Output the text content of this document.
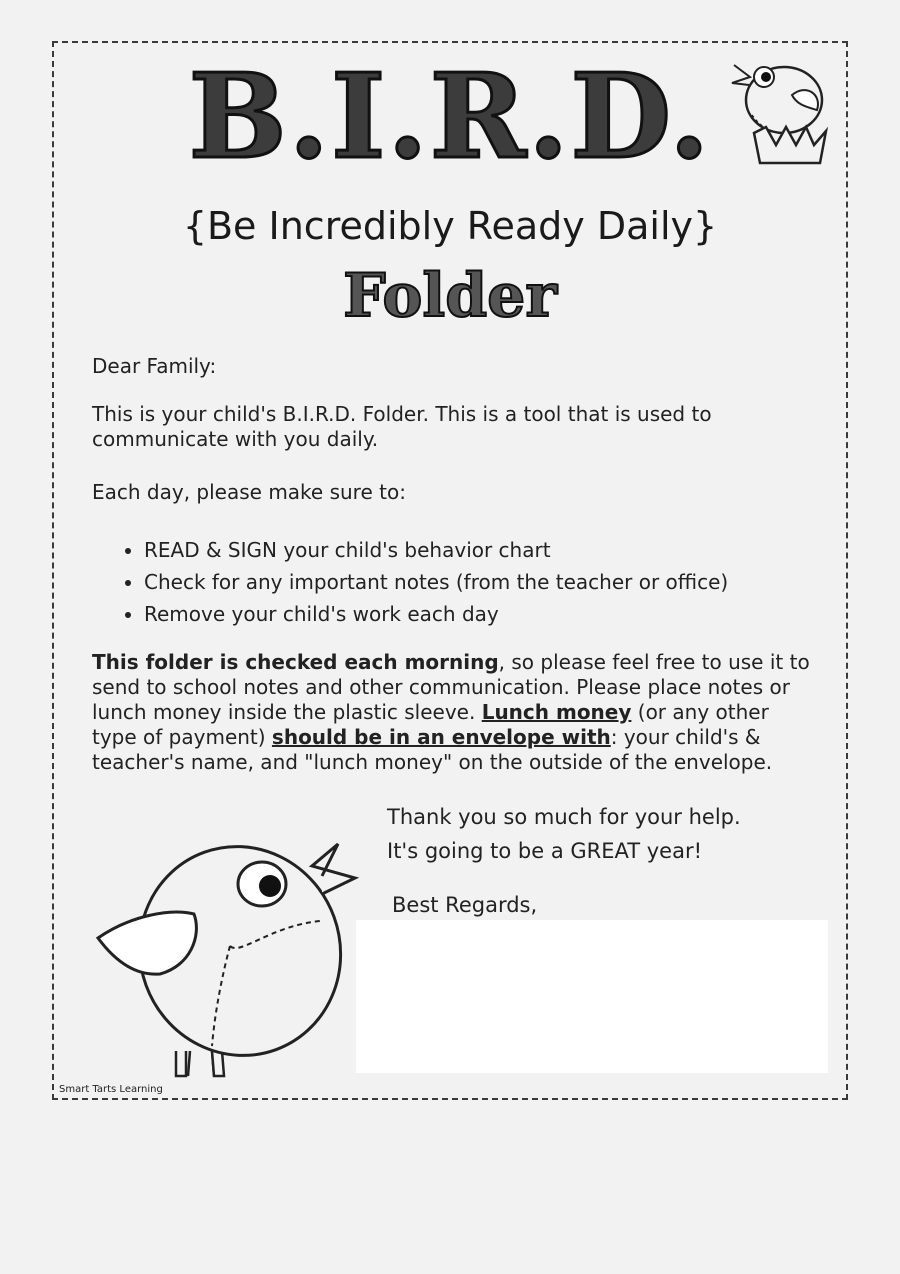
B.I.R.D.
{Be Incredibly Ready Daily}
Folder
Dear Family:
This is your child's B.I.R.D. Folder. This is a tool that is used to communicate with you daily.
Each day, please make sure to:
• READ & SIGN your child's behavior chart
• Check for any important notes (from the teacher or office)
• Remove your child's work each day
This folder is checked each morning, so please feel free to use it to send to school notes and other communication. Please place notes or lunch money inside the plastic sleeve. Lunch money (or any other type of payment) should be in an envelope with: your child's & teacher's name, and "lunch money" on the outside of the envelope.
Thank you so much for your help.
It's going to be a GREAT year!
Best Regards,
Smart Tarts Learning
